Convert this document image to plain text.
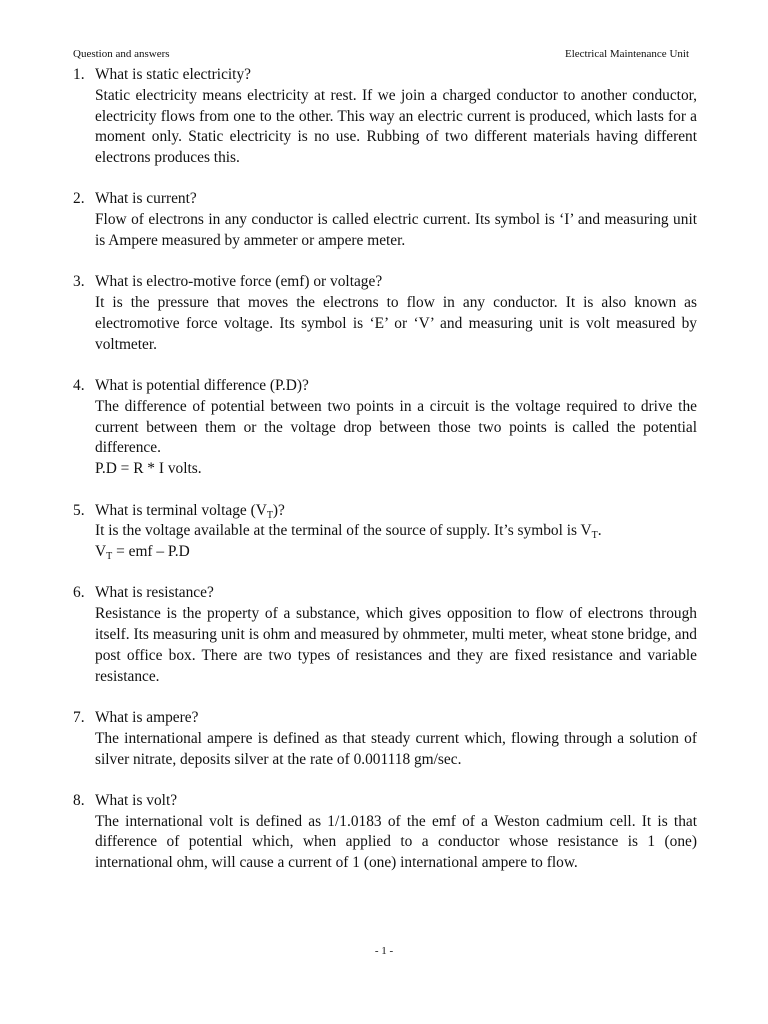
Question and answers	Electrical Maintenance Unit
1. What is static electricity?
Static electricity means electricity at rest. If we join a charged conductor to another conductor, electricity flows from one to the other. This way an electric current is produced, which lasts for a moment only. Static electricity is no use. Rubbing of two different materials having different electrons produces this.
2. What is current?
Flow of electrons in any conductor is called electric current. Its symbol is ‘I’ and measuring unit is Ampere measured by ammeter or ampere meter.
3. What is electro-motive force (emf) or voltage?
It is the pressure that moves the electrons to flow in any conductor. It is also known as electromotive force voltage. Its symbol is ‘E’ or ‘V’ and measuring unit is volt measured by voltmeter.
4. What is potential difference (P.D)?
The difference of potential between two points in a circuit is the voltage required to drive the current between them or the voltage drop between those two points is called the potential difference.
P.D = R * I volts.
5. What is terminal voltage $(V_T)$?
It is the voltage available at the terminal of the source of supply. It’s symbol is $V_T$.
$V_T$ = emf – P.D
6. What is resistance?
Resistance is the property of a substance, which gives opposition to flow of electrons through itself. Its measuring unit is ohm and measured by ohmmeter, multi meter, wheat stone bridge, and post office box. There are two types of resistances and they are fixed resistance and variable resistance.
7. What is ampere?
The international ampere is defined as that steady current which, flowing through a solution of silver nitrate, deposits silver at the rate of 0.001118 gm/sec.
8. What is volt?
The international volt is defined as 1/1.0183 of the emf of a Weston cadmium cell. It is that difference of potential which, when applied to a conductor whose resistance is 1 (one) international ohm, will cause a current of 1 (one) international ampere to flow.
- 1 -
